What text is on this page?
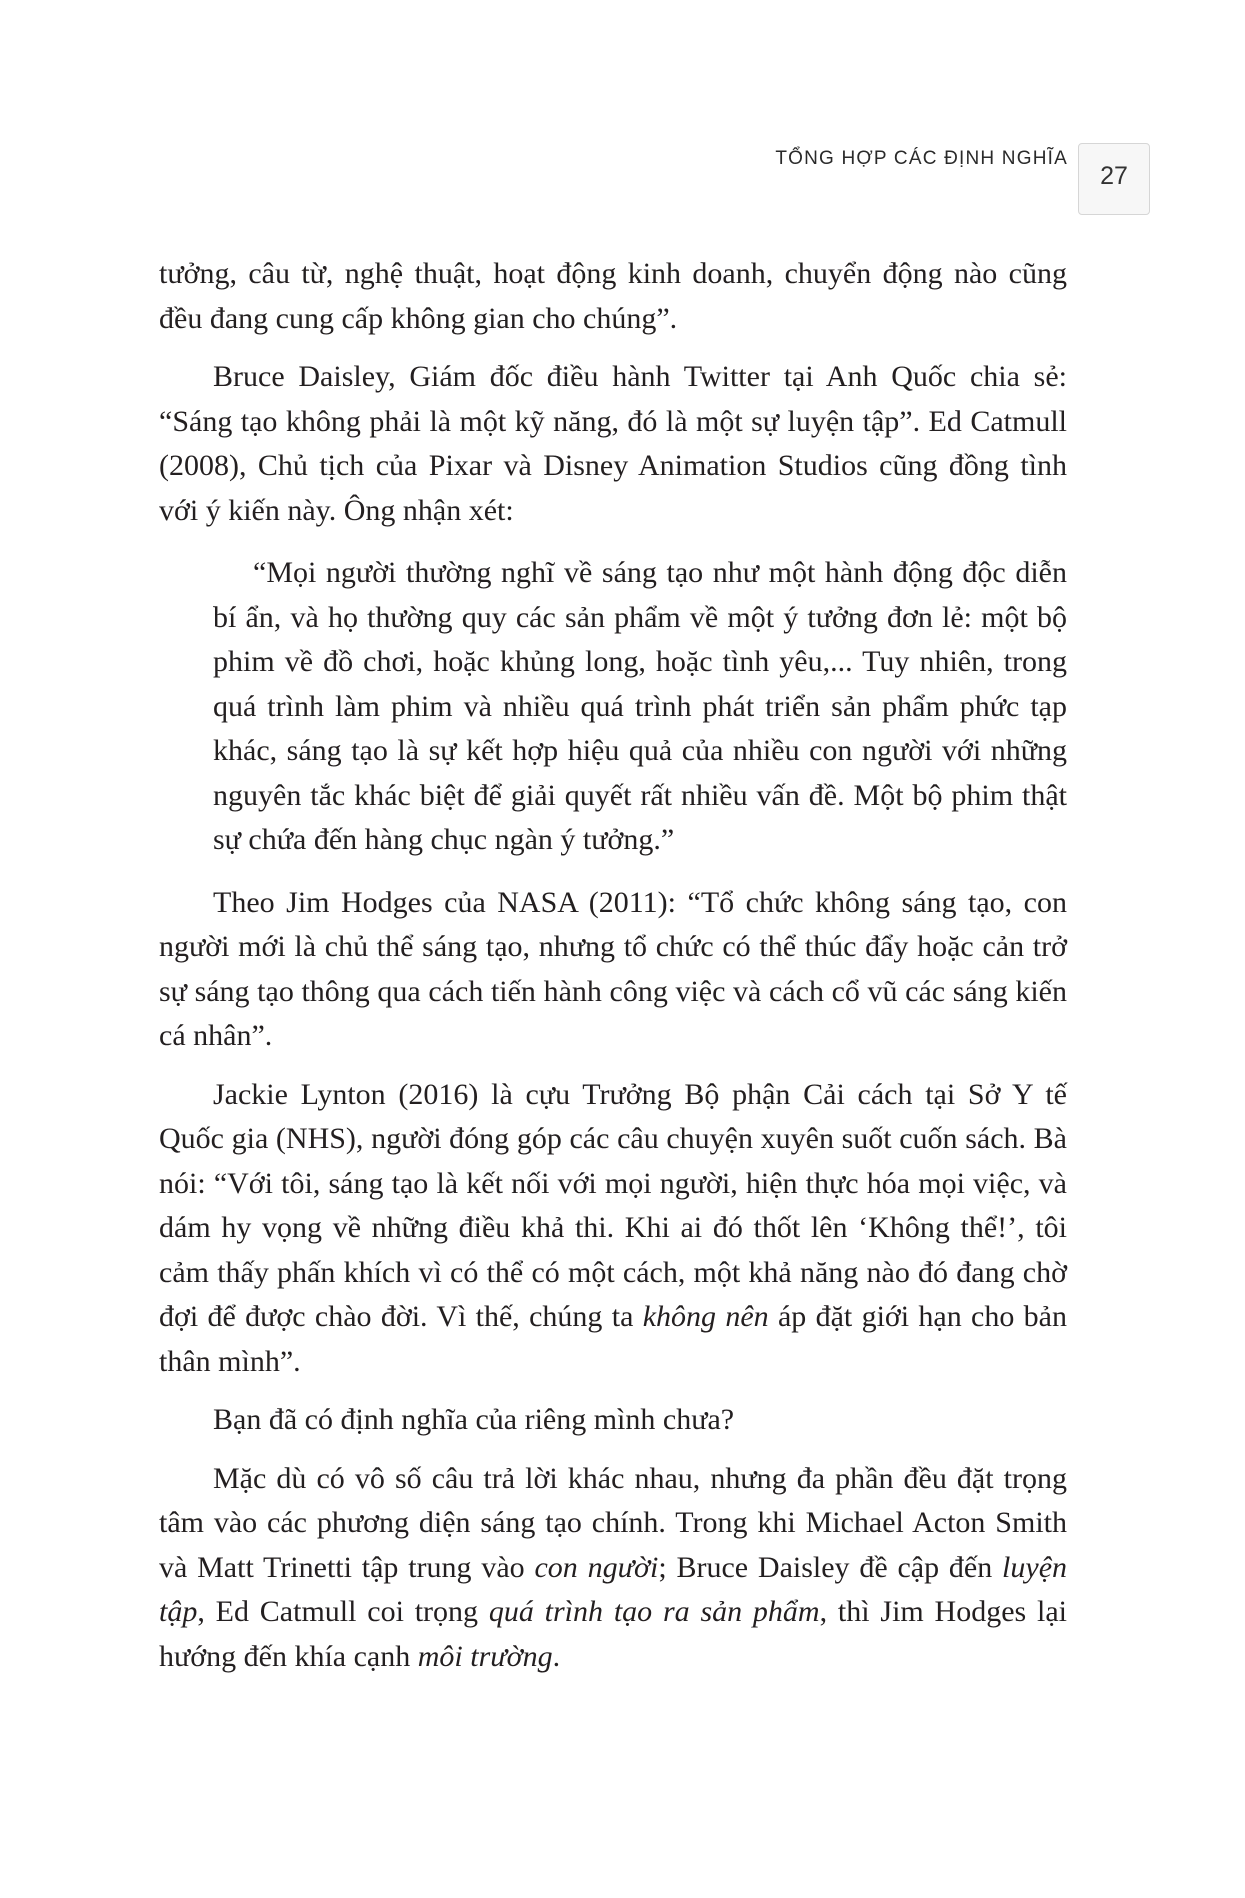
TỔNG HỢP CÁC ĐỊNH NGHĨA
27

tưởng, câu từ, nghệ thuật, hoạt động kinh doanh, chuyển động nào cũng đều đang cung cấp không gian cho chúng”.

Bruce Daisley, Giám đốc điều hành Twitter tại Anh Quốc chia sẻ: “Sáng tạo không phải là một kỹ năng, đó là một sự luyện tập”. Ed Catmull (2008), Chủ tịch của Pixar và Disney Animation Studios cũng đồng tình với ý kiến này. Ông nhận xét:

“Mọi người thường nghĩ về sáng tạo như một hành động độc diễn bí ẩn, và họ thường quy các sản phẩm về một ý tưởng đơn lẻ: một bộ phim về đồ chơi, hoặc khủng long, hoặc tình yêu,... Tuy nhiên, trong quá trình làm phim và nhiều quá trình phát triển sản phẩm phức tạp khác, sáng tạo là sự kết hợp hiệu quả của nhiều con người với những nguyên tắc khác biệt để giải quyết rất nhiều vấn đề. Một bộ phim thật sự chứa đến hàng chục ngàn ý tưởng.”

Theo Jim Hodges của NASA (2011): “Tổ chức không sáng tạo, con người mới là chủ thể sáng tạo, nhưng tổ chức có thể thúc đẩy hoặc cản trở sự sáng tạo thông qua cách tiến hành công việc và cách cổ vũ các sáng kiến cá nhân”.

Jackie Lynton (2016) là cựu Trưởng Bộ phận Cải cách tại Sở Y tế Quốc gia (NHS), người đóng góp các câu chuyện xuyên suốt cuốn sách. Bà nói: “Với tôi, sáng tạo là kết nối với mọi người, hiện thực hóa mọi việc, và dám hy vọng về những điều khả thi. Khi ai đó thốt lên ‘Không thể!’, tôi cảm thấy phấn khích vì có thể có một cách, một khả năng nào đó đang chờ đợi để được chào đời. Vì thế, chúng ta không nên áp đặt giới hạn cho bản thân mình”.

Bạn đã có định nghĩa của riêng mình chưa?

Mặc dù có vô số câu trả lời khác nhau, nhưng đa phần đều đặt trọng tâm vào các phương diện sáng tạo chính. Trong khi Michael Acton Smith và Matt Trinetti tập trung vào con người; Bruce Daisley đề cập đến luyện tập, Ed Catmull coi trọng quá trình tạo ra sản phẩm, thì Jim Hodges lại hướng đến khía cạnh môi trường.
